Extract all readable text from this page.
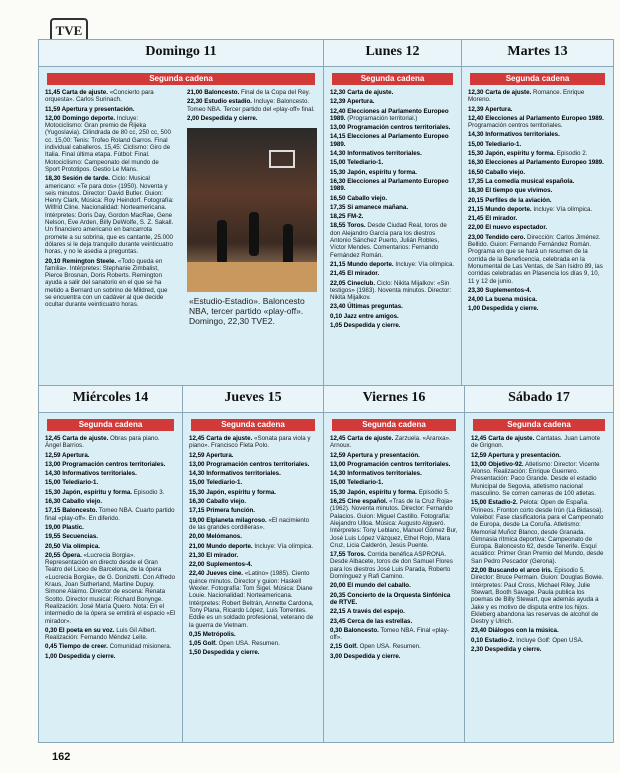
TVE
Domingo 11
Segunda cadena
11,45 Carta de ajuste. «Concierto para orquesta». Carlos Surinach.
11,59 Apertura y presentación.
12,00 Domingo deporte. Incluye: Motociclismo: Gran premio de Rijeka (Yugoslavia). Cilindrada de 80 cc, 250 cc, 500 cc. 15,00: Tenis: Trofeo Roland Garros. Final individual caballeros. 15,45: Ciclismo: Giro de Italia. Final última etapa. Fútbol: Final. Motociclismo: Campeonato del mundo de Sport Prototipos. Gestio Le Mans.
18,30 Sesión de tarde. Ciclo: Musical americano: «Te para dos» (1950). Noventa y seis minutos. Director: David Butler. Guion: Henry Clark, Música: Roy Heindorf. Fotografía: Wilfrid Cline. Nacionalidad: Norteamericana. Intérpretes: Doris Day, Gordon MacRae, Gene Nelson, Eve Arden, Billy DeWolfe, S. Z. Sakall. Un financiero americano en bancarrota promete a su sobrina, que es cantante, 25.000 dólares si le deja tranquilo durante veinticuatro horas, y no le asedia a preguntas.
20,10 Remington Steele. «Todo queda en familia». Intérpretes: Stephanie Zimbalist, Pierce Brosnan, Doris Roberts. Remington ayuda a salir del sanatorio en el que se ha metido a Bernard un sobrino de Mildred, que se encuentra con un cadáver al que decide ocultar durante veinticuatro horas.
21,00 Baloncesto. Final de la Copa del Rey.
22,30 Estudio estadio. Incluye: Baloncesto. Tomeo NBA. Tercer partido del «play-off» final.
2,00 Despedida y cierre.
«Estudio-Estadio». Baloncesto NBA, tercer partido «play-off». Domingo, 22,30 TVE2.
Lunes 12
Segunda cadena
12,30 Carta de ajuste.
12,39 Apertura.
12,40 Elecciones al Parlamento Europeo 1989. (Programación territorial.)
13,00 Programación centros territoriales.
14,15 Elecciones al Parlamento Europeo 1989.
14,30 Informativos territoriales.
15,00 Telediario-1.
15,30 Japón, espíritu y forma.
16,30 Elecciones al Parlamento Europeo 1989.
16,50 Caballo viejo.
17,35 Si amanece mañana.
18,25 FM-2.
18,55 Toros. Desde Ciudad Real, toros de don Alejandro García para los diestros Antonio Sánchez Puerto, Julián Robles, Víctor Mendes. Comentarios: Fernando Fernández Román.
21,15 Mundo deporte. Incluye: Vía olímpica.
21,45 El mirador.
22,05 Cineclub. Ciclo: Nikita Mijalkov: «Sin testigos» (1983). Noventa minutos. Director: Nikita Mijalkov.
23,40 Últimas preguntas.
0,10 Jazz entre amigos.
1,05 Despedida y cierre.
Martes 13
Segunda cadena
12,30 Carta de ajuste. Romance. Enrique Moreno.
12,39 Apertura.
12,40 Elecciones al Parlamento Europeo 1989. Programación centros territoriales.
14,30 Informativos territoriales.
15,00 Telediario-1.
15,30 Japón, espíritu y forma. Episodio 2.
16,30 Elecciones al Parlamento Europeo 1989.
16,50 Caballo viejo.
17,35 La comedia musical española.
18,30 El tiempo que vivimos.
20,15 Perfiles de la aviación.
21,15 Mundo deporte. Incluye: Vía olímpica.
21,45 El mirador.
22,00 El nuevo espectador.
23,00 Tendido cero. Dirección: Carlos Jiménez. Bellido. Guion: Fernando Fernández Román. Programa en que se hará un resumen de la corrida de la Beneficencia, celebrada en la Monumental de Las Ventas, de San Isidro 89, las corridas celebradas en Plasencia los días 9, 10, 11 y 12 de junio.
23,30 Suplementos-4.
24,00 La buena música.
1,00 Despedida y cierre.
Miércoles 14
Segunda cadena
12,45 Carta de ajuste. Obras para piano. Ángel Barrios.
12,59 Apertura.
13,00 Programación centros territoriales.
14,30 Informativos territoriales.
15,00 Telediario-1.
15,30 Japón, espíritu y forma. Episodio 3.
16,30 Caballo viejo.
17,15 Baloncesto. Tomeo NBA. Cuarto partido final «play-off». En diferido.
19,00 Plastic.
19,55 Secuencias.
20,50 Vía olímpica.
20,55 Ópera. «Lucrecia Borgia». Representación en directo desde el Gran Teatro del Liceo de Barcelona, de la ópera «Lucrecia Borgia», de G. Donizetti. Con Alfredo Kraus, Joan Sutherland, Martine Dupuy. Simone Alaimo. Director de escena: Renata Scotto. Director musical: Richard Bonynge. Realización: José María Quero. Nota: En el intermedio de la ópera se emitirá el espacio «El mirador».
0,30 El poeta en su voz. Luis Gil Albert. Realización: Fernando Méndez Leite.
0,45 Tiempo de creer. Comunidad misionera.
1,00 Despedida y cierre.
Jueves 15
Segunda cadena
12,45 Carta de ajuste. «Sonata para viola y piano». Francisco Fleta Polo.
12,59 Apertura.
13,00 Programación centros territoriales.
14,30 Informativos territoriales.
15,00 Telediario-1.
15,30 Japón, espíritu y forma.
16,30 Caballo viejo.
17,15 Primera función.
19,00 Elplaneta milagroso. «El nacimiento de las grandes cordilleras».
20,00 Melómanos.
21,00 Mundo deporte. Incluye: Vía olímpica.
21,30 El mirador.
22,00 Suplementos-4.
22,40 Jueves cine. «Latino» (1985). Ciento quince minutos. Director y guion: Haskell Wexler. Fotografía: Tom Sigel. Música: Diane Louie. Nacionalidad: Norteamericana. Intérpretes: Robert Beltrán, Annette Cardona, Tony Plana, Ricardo López, Luis Torrentes. Eddie es un soldado profesional, veterano de la guerra de Vietnam.
0,35 Metrópolis.
1,05 Golf. Open USA. Resumen.
1,50 Despedida y cierre.
Viernes 16
Segunda cadena
12,45 Carta de ajuste. Zarzuela. «Aranxa». Arnoux.
12,59 Apertura y presentación.
13,00 Programación centros territoriales.
14,30 Informativos territoriales.
15,00 Telediario-1.
15,30 Japón, espíritu y forma. Episodio 5.
16,25 Cine español. «Tras de la Cruz Roja» (1962). Noventa minutos. Director: Fernando Palacios. Guion: Miguel Castillo. Fotografía: Alejandro Ulloa. Música: Augusto Algueró. Intérpretes: Tony Leblanc, Manuel Gómez Bur, José Luis López Vázquez, Ethel Rojo, Mara Cruz, Licia Calderón, Jesús Puente.
17,55 Toros. Corrida benéfica ASPRONA. Desde Albacete, toros de don Samuel Flores para los diestros José Luis Parada, Roberto Domínguez y Rafi Camino.
20,00 El mundo del caballo.
20,35 Concierto de la Orquesta Sinfónica de RTVE.
22,15 A través del espejo.
23,45 Cerca de las estrellas.
0,30 Baloncesto. Tomeo NBA. Final «play-off».
2,15 Golf. Open USA. Resumen.
3,00 Despedida y cierre.
Sábado 17
Segunda cadena
12,45 Carta de ajuste. Cantatas. Juan Lamote de Grignon.
12,59 Apertura y presentación.
13,00 Objetivo-92. Atletismo: Director: Vicente Alonso. Realización: Enrique Guerrero. Presentación: Paco Grande. Desde el estadio Municipal de Segovia, atletismo nacional masculino. Se corren carreras de 100 atletas.
15,00 Estadio-2. Pelota: Open de España. Pirineos. Fronton corto desde Irún (La Bidasoa). Voleibol: Fase clasificatoria para el Campeonato de Europa, desde La Coruña. Atletismo: Memorial Muñoz Blanco, desde Granada. Gimnasia rítmica deportiva: Campeonato de Europa. Baloncesto 62, desde Tenerife. Esquí acuático: Primer Gran Premio del Mundo, desde San Pedro Pescador (Gerona).
22,00 Buscando el arco iris. Episodio 5. Director: Bruce Permain. Guion: Douglas Bowie. Intérpretes: Paul Cross, Michael Riley, Julie Stewart, Booth Savage. Paula publica los poemas de Billy Stewart, que además ayuda a Jake y es motivo de disputa entre los hijos. Ekleberg abandona las reservas de alcohol de Destry y Ulrich.
23,40 Diálogos con la música.
0,10 Estadio-2. Incluye Golf: Open USA.
2,30 Despedida y cierre.
162
